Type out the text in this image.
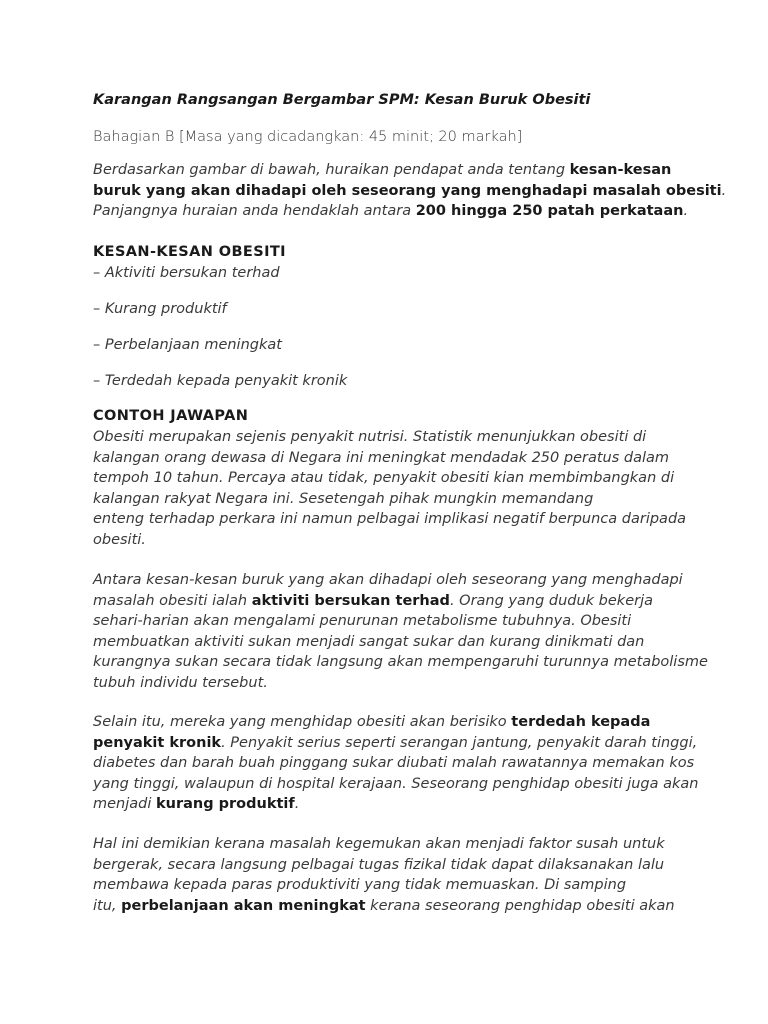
Karangan Rangsangan Bergambar SPM: Kesan Buruk Obesiti

Bahagian B [Masa yang dicadangkan: 45 minit; 20 markah]

Berdasarkan gambar di bawah, huraikan pendapat anda tentang kesan-kesan

buruk yang akan dihadapi oleh seseorang yang menghadapi masalah obesiti.

Panjangnya huraian anda hendaklah antara 200 hingga 250 patah perkataan.

KESAN-KESAN OBESITI

– Aktiviti bersukan terhad

– Kurang produktif

– Perbelanjaan meningkat

– Terdedah kepada penyakit kronik

CONTOH JAWAPAN

Obesiti merupakan sejenis penyakit nutrisi. Statistik menunjukkan obesiti di

kalangan orang dewasa di Negara ini meningkat mendadak 250 peratus dalam

tempoh 10 tahun. Percaya atau tidak, penyakit obesiti kian membimbangkan di

kalangan rakyat Negara ini. Sesetengah pihak mungkin memandang

enteng terhadap perkara ini namun pelbagai implikasi negatif berpunca daripada

obesiti.

Antara kesan-kesan buruk yang akan dihadapi oleh seseorang yang menghadapi

masalah obesiti ialah aktiviti bersukan terhad. Orang yang duduk bekerja

sehari-harian akan mengalami penurunan metabolisme tubuhnya. Obesiti

membuatkan aktiviti sukan menjadi sangat sukar dan kurang dinikmati dan

kurangnya sukan secara tidak langsung akan mempengaruhi turunnya metabolisme

tubuh individu tersebut.

Selain itu, mereka yang menghidap obesiti akan berisiko terdedah kepada

penyakit kronik. Penyakit serius seperti serangan jantung, penyakit darah tinggi,

diabetes dan barah buah pinggang sukar diubati malah rawatannya memakan kos

yang tinggi, walaupun di hospital kerajaan. Seseorang penghidap obesiti juga akan

menjadi kurang produktif.

Hal ini demikian kerana masalah kegemukan akan menjadi faktor susah untuk

bergerak, secara langsung pelbagai tugas fizikal tidak dapat dilaksanakan lalu

membawa kepada paras produktiviti yang tidak memuaskan. Di samping

itu, perbelanjaan akan meningkat kerana seseorang penghidap obesiti akan
